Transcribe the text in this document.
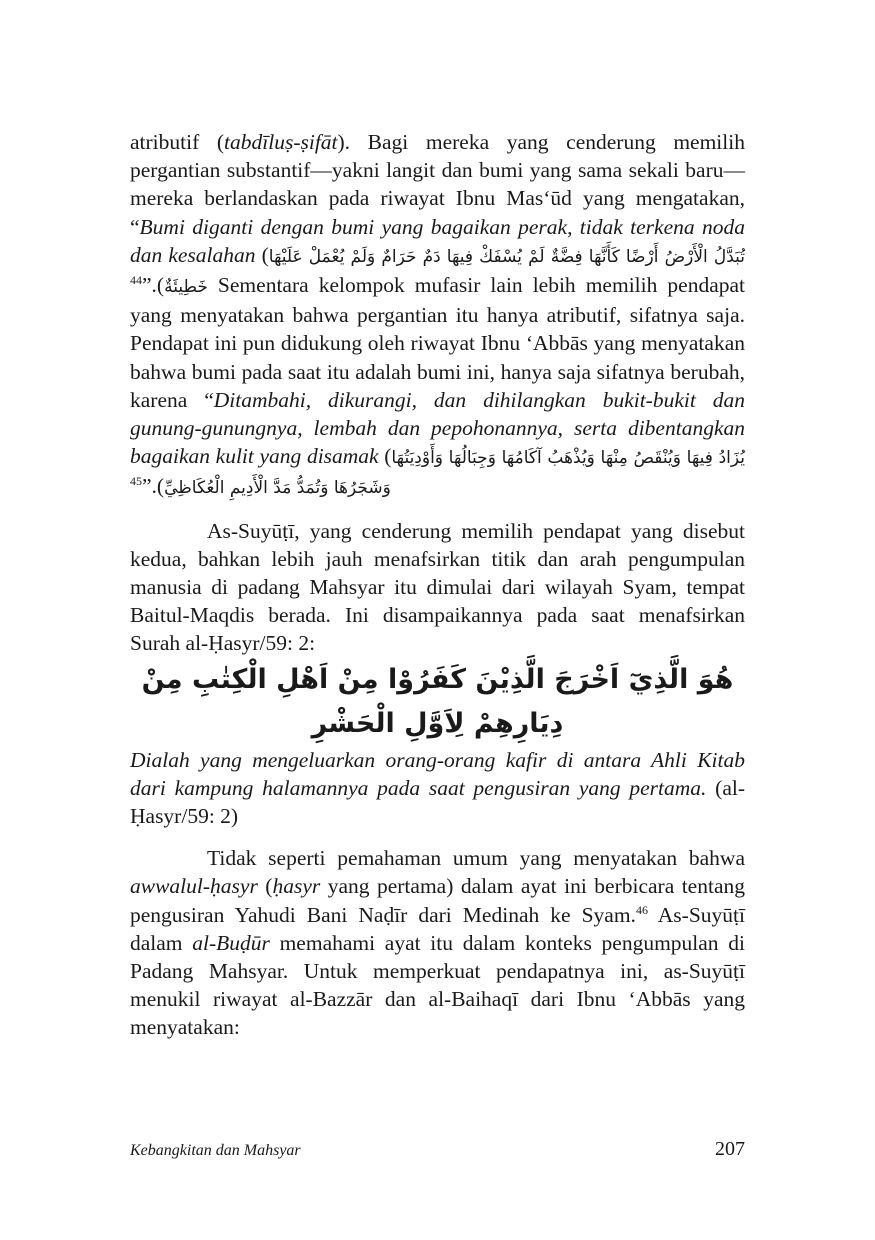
atributif (tabdīluṣ-ṣifāt). Bagi mereka yang cenderung memilih pergantian substantif—yakni langit dan bumi yang sama sekali baru—mereka berlandaskan pada riwayat Ibnu Mas‘ūd yang mengatakan, “Bumi diganti dengan bumi yang bagaikan perak, tidak terkena noda dan kesalahan (تُبَدَّلُ الْأَرْضُ أَرْضًا كَأَنَّهَا فِضَّةٌ لَمْ يُسْفَكْ فِيهَا دَمٌ حَرَامٌ وَلَمْ يُعْمَلْ عَلَيْهَا خَطِيئَةٌ).”$^{44}$	Sementara kelompok mufasir lain lebih memilih pendapat yang menyatakan bahwa pergantian itu hanya atributif, sifatnya saja. Pendapat ini pun didukung oleh riwayat Ibnu ‘Abbās yang menyatakan bahwa bumi pada saat itu adalah bumi ini, hanya saja sifatnya berubah, karena “Ditambahi, dikurangi, dan dihilangkan bukit-bukit dan gunung-gunungnya, lembah dan pepohonannya, serta dibentangkan bagaikan kulit yang disamak (يُزَادُ فِيهَا وَيُنْقَصُ مِنْهَا وَيُذْهَبُ آكَامُهَا وَجِبَالُهَا وَأَوْدِيَتُهَا وَشَجَرُهَا وَتُمَدُّ مَدَّ الْأَدِيمِ الْعُكَاظِيِّ).”$^{45}$

As-Suyūṭī, yang cenderung memilih pendapat yang disebut kedua, bahkan lebih jauh menafsirkan titik dan arah pengumpulan manusia di padang Mahsyar itu dimulai dari wilayah Syam, tempat Baitul-Maqdis berada. Ini disampaikannya pada saat menafsirkan Surah al-Ḥasyr/59: 2:

هُوَ الَّذِيٓ اَخْرَجَ الَّذِيْنَ كَفَرُوْا مِنْ اَهْلِ الْكِتٰبِ مِنْ دِيَارِهِمْ لِاَوَّلِ الْحَشْرِ

Dialah yang mengeluarkan orang-orang kafir di antara Ahli Kitab dari kampung halamannya pada saat pengusiran yang pertama. (al-Ḥasyr/59: 2)

Tidak seperti pemahaman umum yang menyatakan bahwa awwalul-ḥasyr (ḥasyr yang pertama) dalam ayat ini berbicara tentang pengusiran Yahudi Bani Naḍīr dari Medinah ke Syam.$^{46}$ As-Suyūṭī dalam al-Buḍūr memahami ayat itu dalam konteks pengumpulan di Padang Mahsyar. Untuk memperkuat pendapatnya ini, as-Suyūṭī menukil riwayat al-Bazzār dan al-Baihaqī dari Ibnu ‘Abbās yang menyatakan:

Kebangkitan dan Mahsyar	207
